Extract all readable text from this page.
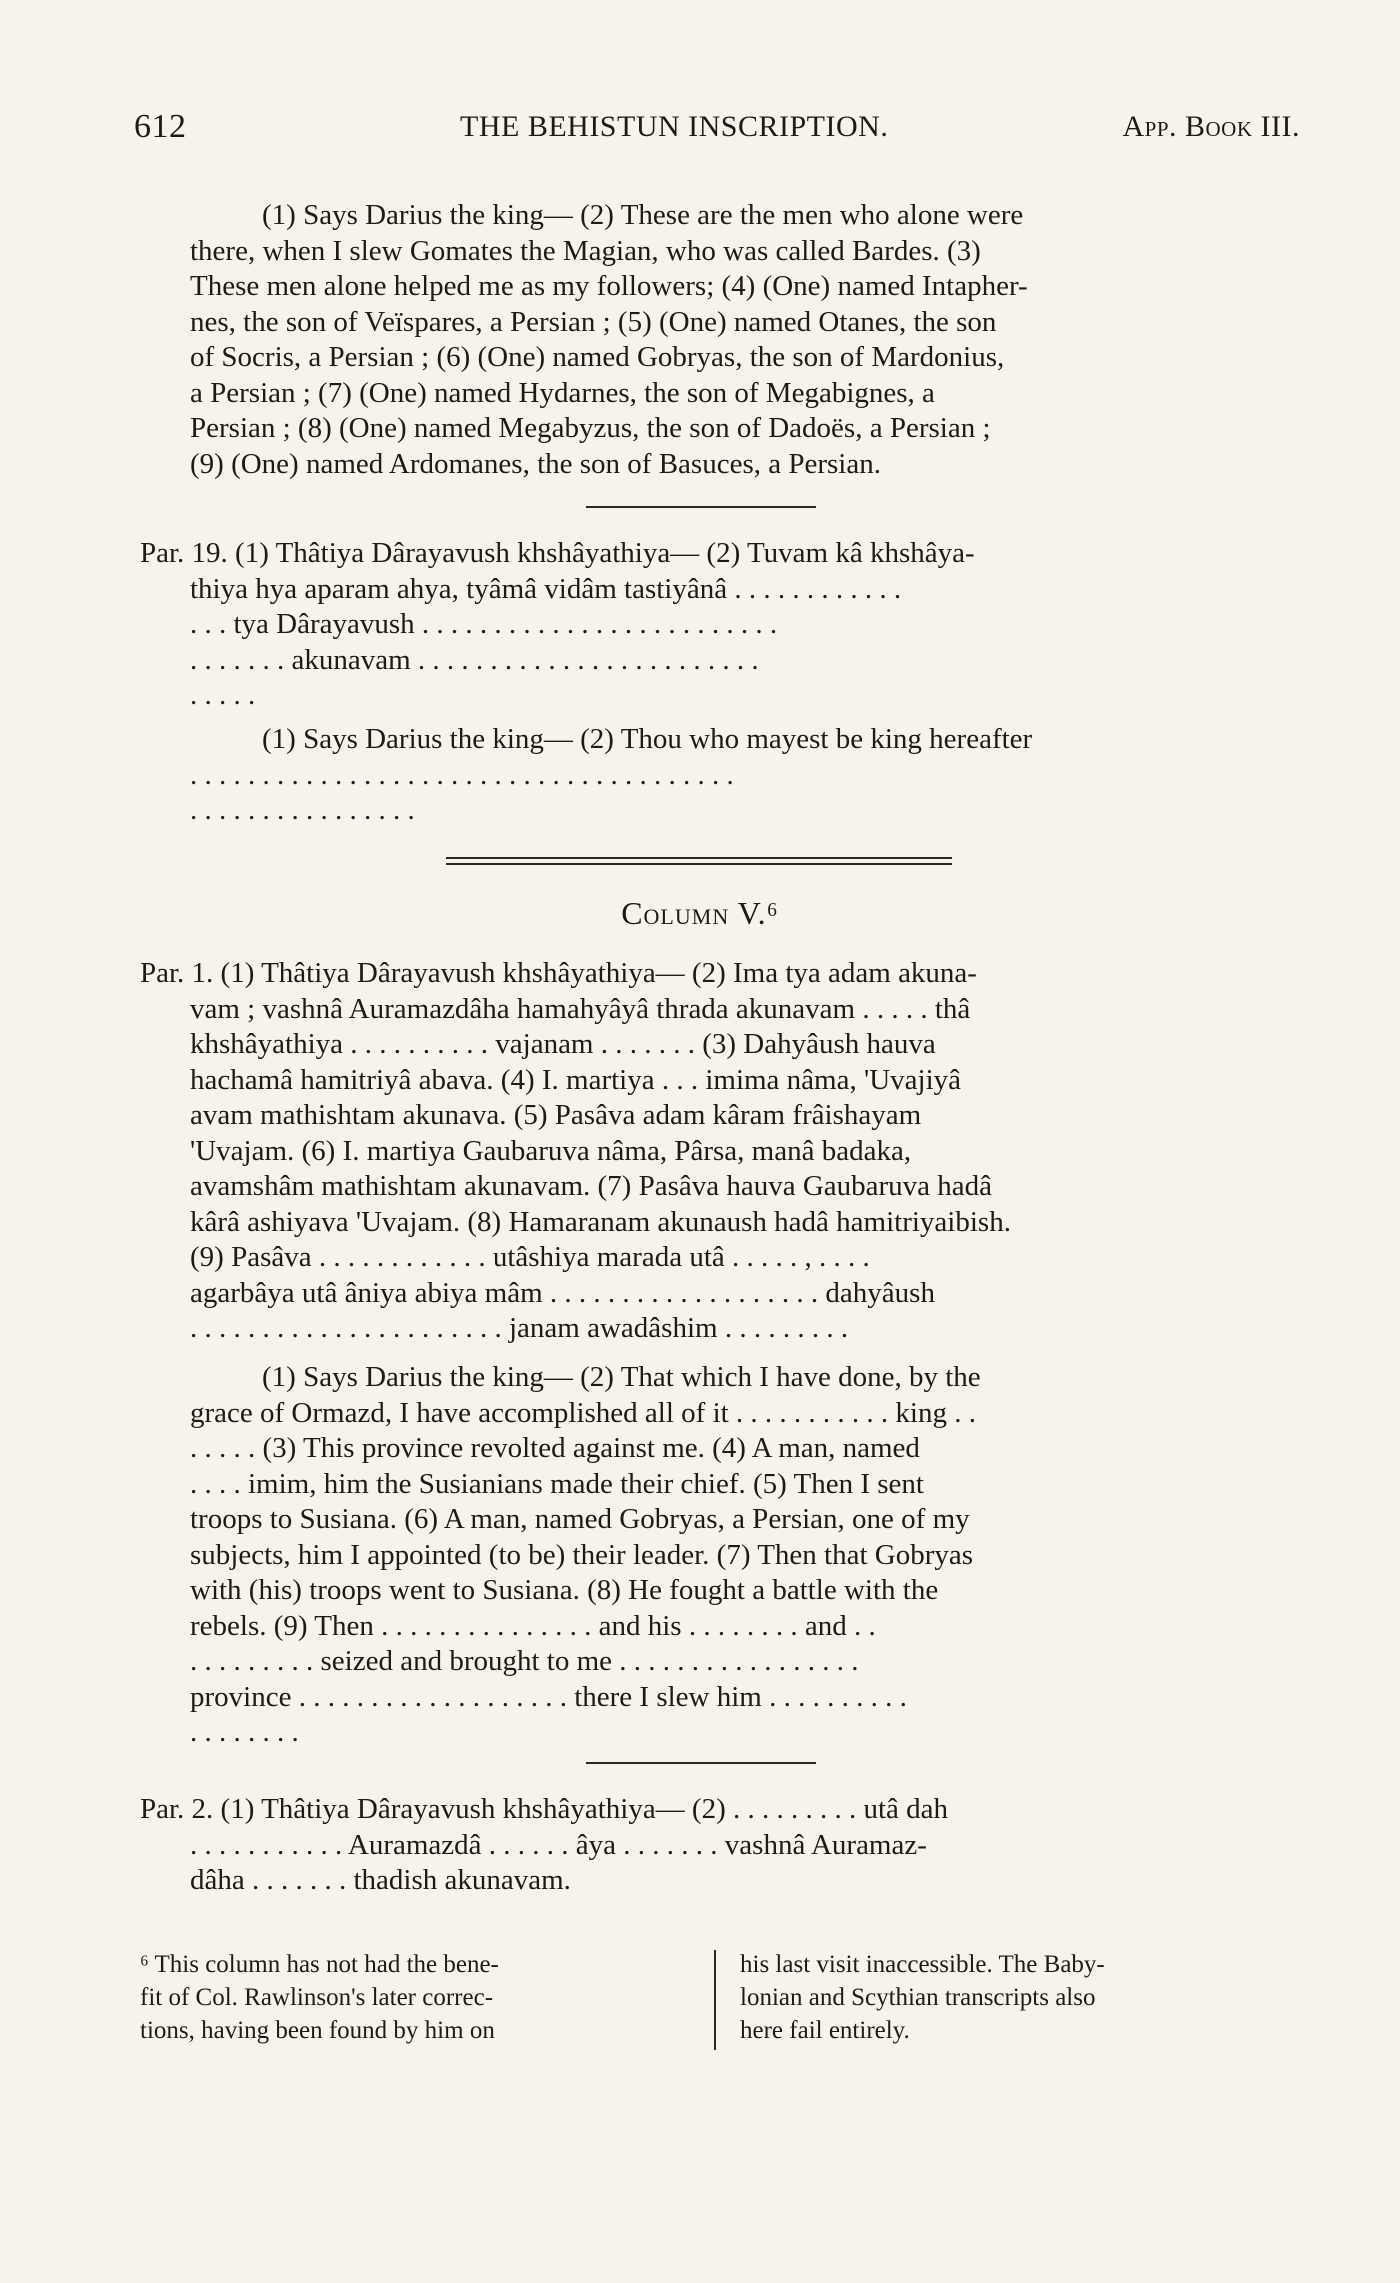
612	THE BEHISTUN INSCRIPTION.	App. Book III.
(1) Says Darius the king— (2) These are the men who alone were
there, when I slew Gomates the Magian, who was called Bardes. (3)
These men alone helped me as my followers; (4) (One) named Intapher-
nes, the son of Veïspares, a Persian ; (5) (One) named Otanes, the son
of Socris, a Persian ; (6) (One) named Gobryas, the son of Mardonius,
a Persian ; (7) (One) named Hydarnes, the son of Megabignes, a
Persian ; (8) (One) named Megabyzus, the son of Dadoës, a Persian ;
(9) (One) named Ardomanes, the son of Basuces, a Persian.
Par. 19. (1) Thâtiya Dârayavush khshâyathiya— (2) Tuvam kâ khshâya-
thiya hya aparam ahya, tyâmâ vidâm tastiyânâ . . . . . . . . . . . .
. . . tya Dârayavush . . . . . . . . . . . . . . . . . . . . . . . . .
. . . . . . . akunavam . . . . . . . . . . . . . . . . . . . . . . . .
. . . . .
(1) Says Darius the king— (2) Thou who mayest be king hereafter
. . . . . . . . . . . . . . . . . . . . . . . . . . . . . . . . . . . . . .
. . . . . . . . . . . . . . . .
Column V.⁶
Par. 1. (1) Thâtiya Dârayavush khshâyathiya— (2) Ima tya adam akuna-
vam ; vashnâ Auramazdâha hamahyâyâ thrada akunavam . . . . . thâ
khshâyathiya . . . . . . . . . . vajanam . . . . . . . (3) Dahyâush hauva
hachamâ hamitriyâ abava. (4) I. martiya . . . imima nâma, 'Uvajiyâ
avam mathishtam akunava. (5) Pasâva adam kâram frâishayam
'Uvajam. (6) I. martiya Gaubaruva nâma, Pârsa, manâ badaka,
avamshâm mathishtam akunavam. (7) Pasâva hauva Gaubaruva hadâ
kârâ ashiyava 'Uvajam. (8) Hamaranam akunaush hadâ hamitriyaibish.
(9) Pasâva . . . . . . . . . . . . utâshiya marada utâ . . . . . , . . . .
agarbâya utâ âniya abiya mâm . . . . . . . . . . . . . . . . . . . dahyâush
. . . . . . . . . . . . . . . . . . . . . . janam awadâshim . . . . . . . . .
(1) Says Darius the king— (2) That which I have done, by the
grace of Ormazd, I have accomplished all of it . . . . . . . . . . . king . .
. . . . . (3) This province revolted against me. (4) A man, named
. . . . imim, him the Susianians made their chief. (5) Then I sent
troops to Susiana. (6) A man, named Gobryas, a Persian, one of my
subjects, him I appointed (to be) their leader. (7) Then that Gobryas
with (his) troops went to Susiana. (8) He fought a battle with the
rebels. (9) Then . . . . . . . . . . . . . . . and his . . . . . . . . and . .
. . . . . . . . . seized and brought to me . . . . . . . . . . . . . . . . .
province . . . . . . . . . . . . . . . . . . . there I slew him . . . . . . . . . .
. . . . . . . .
Par. 2. (1) Thâtiya Dârayavush khshâyathiya— (2) . . . . . . . . . utâ dah
. . . . . . . . . . . Auramazdâ . . . . . . âya . . . . . . . vashnâ Auramaz-
dâha . . . . . . . thadish akunavam.
⁶ This column has not had the bene-
fit of Col. Rawlinson's later correc-
tions, having been found by him on
his last visit inaccessible. The Baby-
lonian and Scythian transcripts also
here fail entirely.
